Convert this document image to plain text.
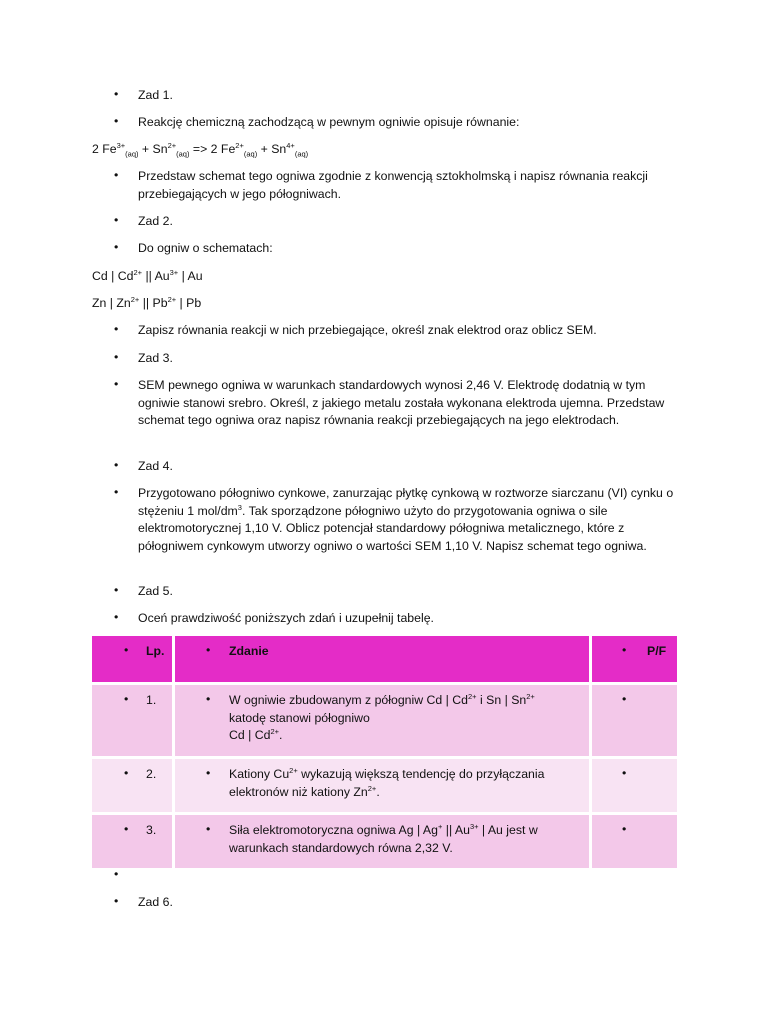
• Zad 1.
• Reakcję chemiczną zachodzącą w pewnym ogniwie opisuje równanie:
2 $Fe^{3+}_{(aq)} + Sn^{2+}_{(aq)} => 2$ $Fe^{2+}_{(aq)} + Sn^{4+}_{(aq)}$
• Przedstaw schemat tego ogniwa zgodnie z konwencją sztokholmską i napisz równania reakcji przebiegających w jego półogniwach.
• Zad 2.
• Do ogniw o schematach:
Cd | $Cd^{2+}$ || $Au^{3+}$ | Au
Zn | $Zn^{2+}$ || $Pb^{2+}$ | Pb
• Zapisz równania reakcji w nich przebiegające, określ znak elektrod oraz oblicz SEM.
• Zad 3.
• SEM pewnego ogniwa w warunkach standardowych wynosi 2,46 V. Elektrodę dodatnią w tym ogniwie stanowi srebro. Określ, z jakiego metalu została wykonana elektroda ujemna. Przedstaw schemat tego ogniwa oraz napisz równania reakcji przebiegających na jego elektrodach.
• Zad 4.
• Przygotowano półogniwo cynkowe, zanurzając płytkę cynkową w roztworze siarczanu (VI) cynku o stężeniu 1 mol/$dm^3$. Tak sporządzone półogniwo użyto do przygotowania ogniwa o sile elektromotorycznej 1,10 V. Oblicz potencjał standardowy półogniwa metalicznego, które z półogniwem cynkowym utworzy ogniwo o wartości SEM 1,10 V. Napisz schemat tego ogniwa.
• Zad 5.
• Oceń prawdziwość poniższych zdań i uzupełnij tabelę.
• Lp.	• Zdanie	• P/F
• 1.	• W ogniwie zbudowanym z półogniw Cd | $Cd^{2+}$ i Sn | $Sn^{2+}$ katodę stanowi półogniwo
Cd | $Cd^{2+}$.
•
• 2.	• Kationy $Cu^{2+}$ wykazują większą tendencję do przyłączania elektronów niż kationy $Zn^{2+}$.
•
• 3.	• Siła elektromotoryczna ogniwa Ag | Ag+ || $Au^{3+}$ | Au jest w warunkach standardowych równa 2,32 V.
•
•
• Zad 6.
